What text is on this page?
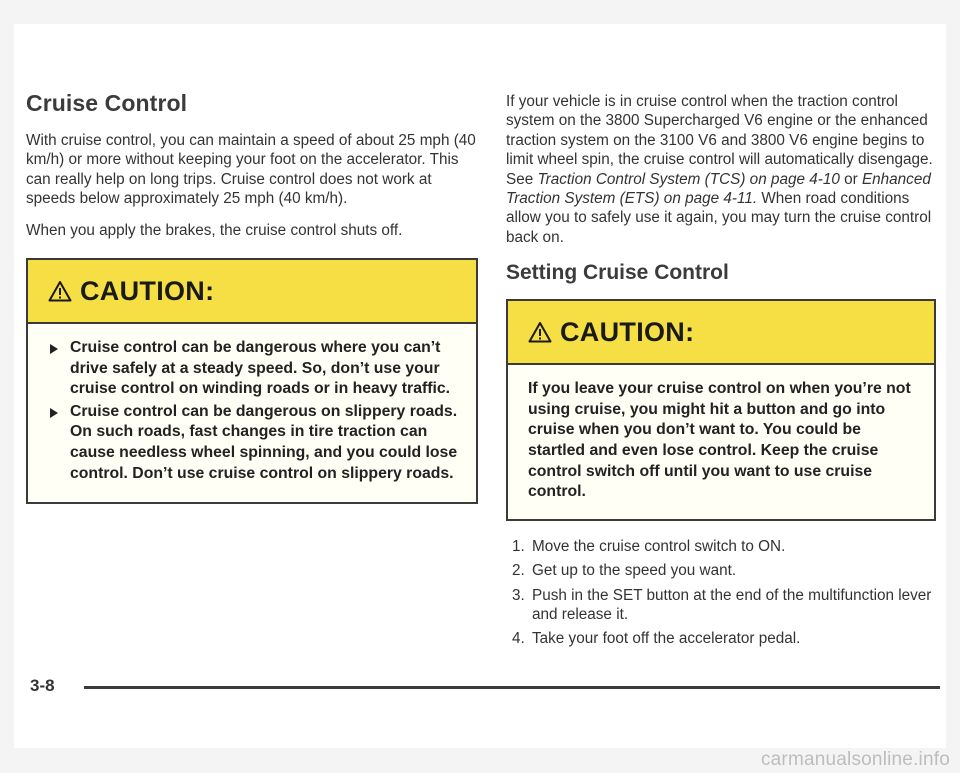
Cruise Control

With cruise control, you can maintain a speed of about 25 mph (40 km/h) or more without keeping your foot on the accelerator. This can really help on long trips. Cruise control does not work at speeds below approximately 25 mph (40 km/h).

When you apply the brakes, the cruise control shuts off.

CAUTION:
Cruise control can be dangerous where you can’t drive safely at a steady speed. So, don’t use your cruise control on winding roads or in heavy traffic.
Cruise control can be dangerous on slippery roads. On such roads, fast changes in tire traction can cause needless wheel spinning, and you could lose control. Don’t use cruise control on slippery roads.

If your vehicle is in cruise control when the traction control system on the 3800 Supercharged V6 engine or the enhanced traction system on the 3100 V6 and 3800 V6 engine begins to limit wheel spin, the cruise control will automatically disengage. See Traction Control System (TCS) on page 4-10 or Enhanced Traction System (ETS) on page 4-11. When road conditions allow you to safely use it again, you may turn the cruise control back on.

Setting Cruise Control
CAUTION:

If you leave your cruise control on when you’re not using cruise, you might hit a button and go into cruise when you don’t want to. You could be startled and even lose control. Keep the cruise control switch off until you want to use cruise control.

1. Move the cruise control switch to ON.
2. Get up to the speed you want.
3. Push in the SET button at the end of the multifunction lever and release it.
4. Take your foot off the accelerator pedal.
3-8
carmanualsonline.info
